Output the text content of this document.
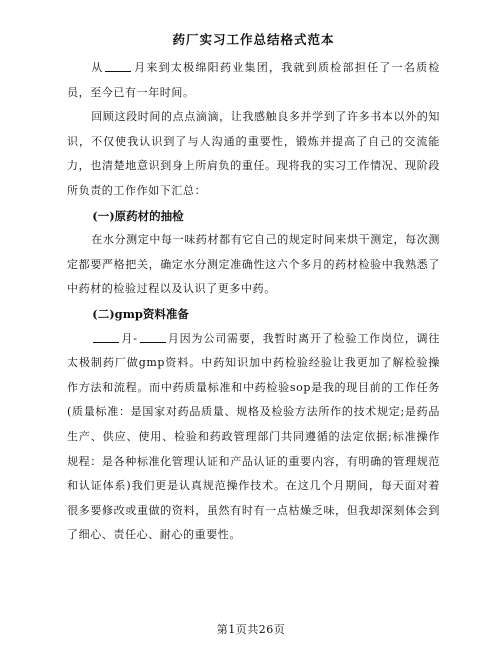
药厂实习工作总结格式范本

从	月来到太极绵阳药业集团，我就到质检部担任了一名质检员，至今已有一年时间。

回顾这段时间的点点滴滴，让我感触良多并学到了许多书本以外的知识，不仅使我认识到了与人沟通的重要性，锻炼并提高了自己的交流能力，也清楚地意识到身上所肩负的重任。现将我的实习工作情况、现阶段所负责的工作作如下汇总：

(一)原药材的抽检

在水分测定中每一味药材都有它自己的规定时间来烘干测定，每次测定都要严格把关，确定水分测定准确性这六个多月的药材检验中我熟悉了中药材的检验过程以及认识了更多中药。

(二)gmp资料准备

月-	月因为公司需要，我暂时离开了检验工作岗位，调往太极制药厂做gmp资料。中药知识加中药检验经验让我更加了解检验操作方法和流程。而中药质量标准和中药检验sop是我的现目前的工作任务(质量标准：是国家对药品质量、规格及检验方法所作的技术规定;是药品生产、供应、使用、检验和药政管理部门共同遵循的法定依据;标准操作规程：是各种标准化管理认证和产品认证的重要内容，有明确的管理规范和认证体系)我们更是认真规范操作技术。在这几个月期间，每天面对着很多要修改或重做的资料，虽然有时有一点枯燥乏味，但我却深刻体会到了细心、责任心、耐心的重要性。

第1页共26页
